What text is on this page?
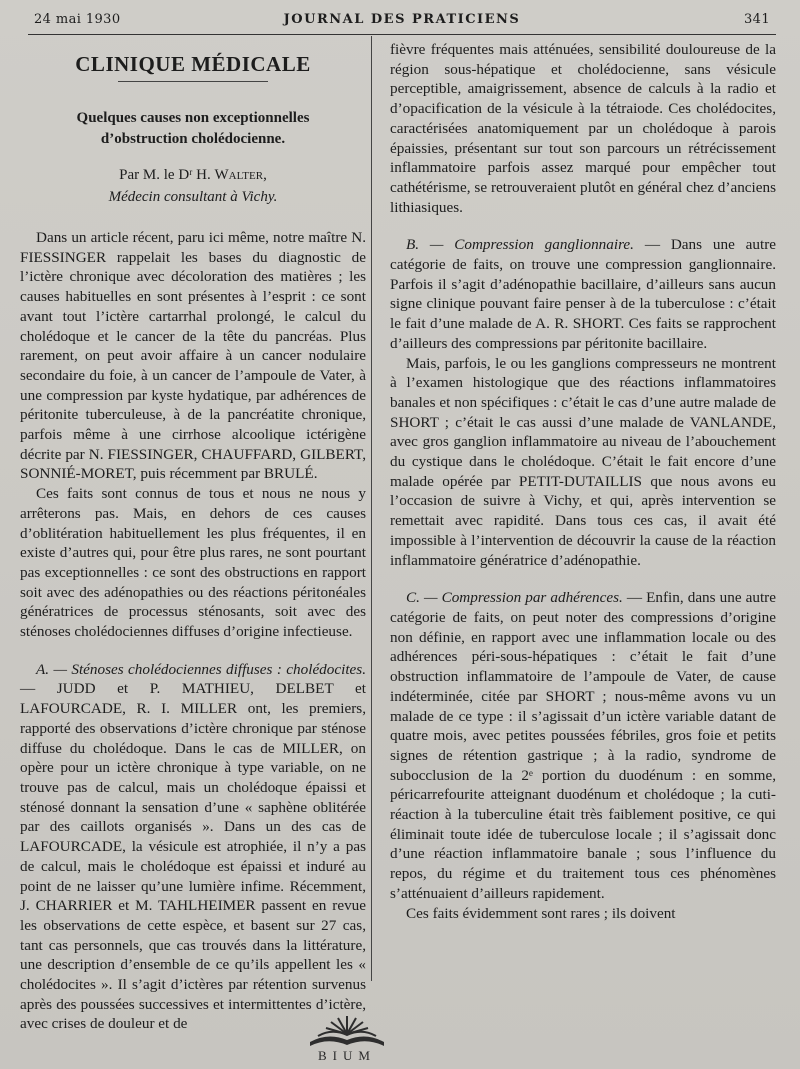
24 mai 1930	JOURNAL DES PRATICIENS	341
CLINIQUE MÉDICALE
Quelques causes non exceptionnelles
d’obstruction cholédocienne.
Par M. le Dʳ H. Walter,
Médecin consultant à Vichy.

Dans un article récent, paru ici même, notre maître N. FIESSINGER rappelait les bases du diagnostic de l’ictère chronique avec décoloration des matières ; les causes habituelles en sont présentes à l’esprit : ce sont avant tout l’ictère cartarrhal prolongé, le calcul du cholédoque et le cancer de la tête du pancréas. Plus rarement, on peut avoir affaire à un cancer nodulaire secondaire du foie, à un cancer de l’ampoule de Vater, à une compression par kyste hydatique, par adhérences de péritonite tuberculeuse, à de la pancréatite chronique, parfois même à une cirrhose alcoolique ictérigène décrite par N. FIESSINGER, CHAUFFARD, GILBERT, SONNIÉ-MORET, puis récemment par BRULÉ.

Ces faits sont connus de tous et nous ne nous y arrêterons pas. Mais, en dehors de ces causes d’oblitération habituellement les plus fréquentes, il en existe d’autres qui, pour être plus rares, ne sont pourtant pas exceptionnelles : ce sont des obstructions en rapport soit avec des adénopathies ou des réactions péritonéales génératrices de processus sténosants, soit avec des sténoses cholédociennes diffuses d’origine infectieuse.

A. — Sténoses cholédociennes diffuses : cholédocites. — JUDD et P. MATHIEU, DELBET et LAFOURCADE, R. I. MILLER ont, les premiers, rapporté des observations d’ictère chronique par sténose diffuse du cholédoque. Dans le cas de MILLER, on opère pour un ictère chronique à type variable, on ne trouve pas de calcul, mais un cholédoque épaissi et sténosé donnant la sensation d’une « saphène oblitérée par des caillots organisés ». Dans un des cas de LAFOURCADE, la vésicule est atrophiée, il n’y a pas de calcul, mais le cholédoque est épaissi et induré au point de ne laisser qu’une lumière infime. Récemment, J. CHARRIER et M. TAHLHEIMER passent en revue les observations de cette espèce, et basent sur 27 cas, tant cas personnels, que cas trouvés dans la littérature, une description d’ensemble de ce qu’ils appellent les « cholédocites ». Il s’agit d’ictères par rétention survenus après des poussées successives et intermittentes d’ictère, avec crises de douleur et de

fièvre fréquentes mais atténuées, sensibilité douloureuse de la région sous-hépatique et cholédocienne, sans vésicule perceptible, amaigrissement, absence de calculs à la radio et d’opacification de la vésicule à la tétraiode. Ces cholédocites, caractérisées anatomiquement par un cholédoque à parois épaissies, présentant sur tout son parcours un rétrécissement inflammatoire parfois assez marqué pour empêcher tout cathétérisme, se retrouveraient plutôt en général chez d’anciens lithiasiques.

B. — Compression ganglionnaire. — Dans une autre catégorie de faits, on trouve une compression ganglionnaire. Parfois il s’agit d’adénopathie bacillaire, d’ailleurs sans aucun signe clinique pouvant faire penser à de la tuberculose : c’était le fait d’une malade de A. R. SHORT. Ces faits se rapprochent d’ailleurs des compressions par péritonite bacillaire.

Mais, parfois, le ou les ganglions compresseurs ne montrent à l’examen histologique que des réactions inflammatoires banales et non spécifiques : c’était le cas d’une autre malade de SHORT ; c’était le cas aussi d’une malade de VANLANDE, avec gros ganglion inflammatoire au niveau de l’abouchement du cystique dans le cholédoque. C’était le fait encore d’une malade opérée par PETIT-DUTAILLIS que nous avons eu l’occasion de suivre à Vichy, et qui, après intervention se remettait avec rapidité. Dans tous ces cas, il avait été impossible à l’intervention de découvrir la cause de la réaction inflammatoire génératrice d’adénopathie.

C. — Compression par adhérences. — Enfin, dans une autre catégorie de faits, on peut noter des compressions d’origine non définie, en rapport avec une inflammation locale ou des adhérences péri-sous-hépatiques : c’était le fait d’une obstruction inflammatoire de l’ampoule de Vater, de cause indéterminée, citée par SHORT ; nous-même avons vu un malade de ce type : il s’agissait d’un ictère variable datant de quatre mois, avec petites poussées fébriles, gros foie et petits signes de rétention gastrique ; à la radio, syndrome de subocclusion de la 2ᵉ portion du duodénum : en somme, péricarrefourite atteignant duodénum et cholédoque ; la cuti-réaction à la tuberculine était très faiblement positive, ce qui éliminait toute idée de tuberculose locale ; il s’agissait donc d’une réaction inflammatoire banale ; sous l’influence du repos, du régime et du traitement tous ces phénomènes s’atténuaient d’ailleurs rapidement.

Ces faits évidemment sont rares ; ils doivent

BIUM
